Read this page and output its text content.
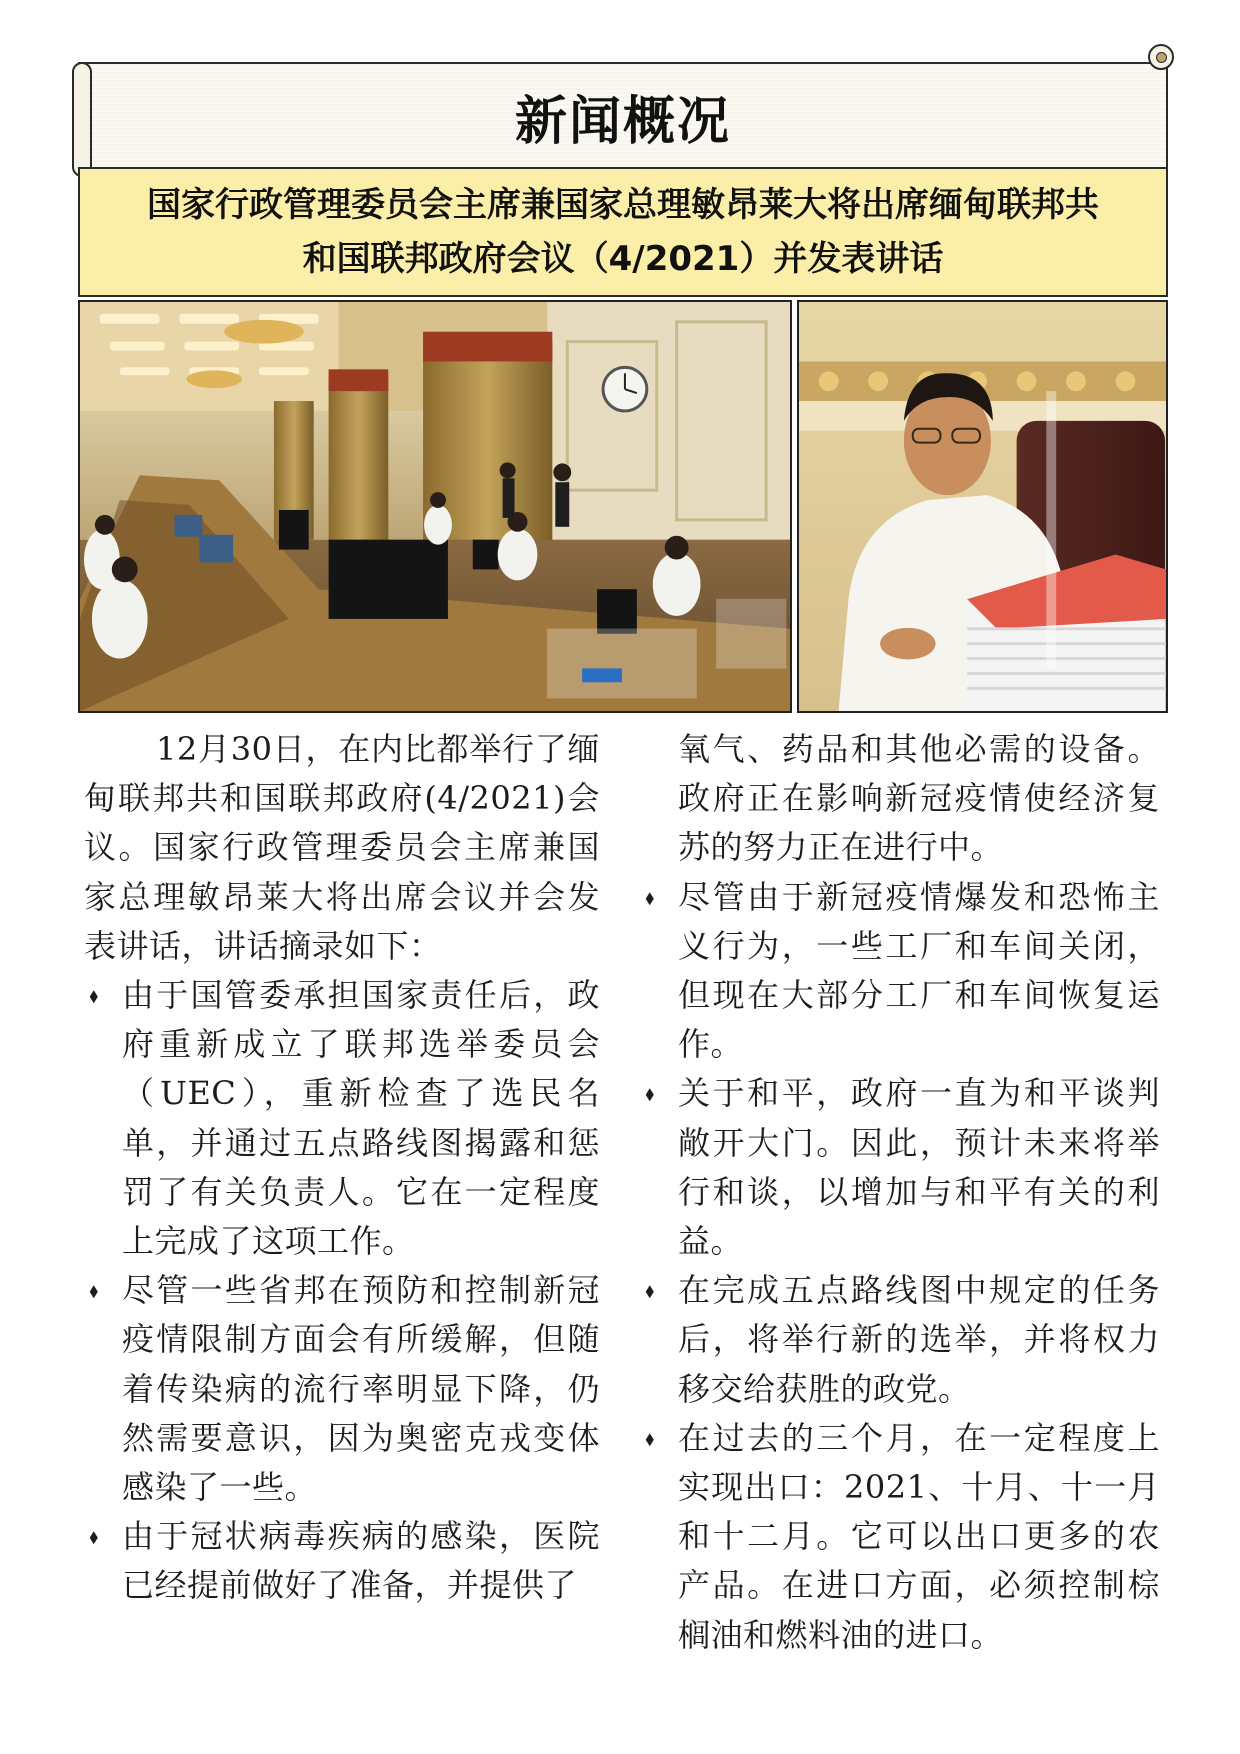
新闻概况
国家行政管理委员会主席兼国家总理敏昂莱大将出席缅甸联邦共
和国联邦政府会议（4/2021）并发表讲话

12月30日，在内比都举行了缅甸联邦共和国联邦政府(4/2021)会议。国家行政管理委员会主席兼国家总理敏昂莱大将出席会议并会发表讲话，讲话摘录如下：

⬧ 由于国管委承担国家责任后，政府重新成立了联邦选举委员会（UEC），重新检查了选民名单，并通过五点路线图揭露和惩罚了有关负责人。它在一定程度上完成了这项工作。
⬧ 尽管一些省邦在预防和控制新冠疫情限制方面会有所缓解，但随着传染病的流行率明显下降，仍然需要意识，因为奥密克戎变体感染了一些。
⬧ 由于冠状病毒疾病的感染，医院已经提前做好了准备，并提供了

氧气、药品和其他必需的设备。政府正在影响新冠疫情使经济复苏的努力正在进行中。

⬧ 尽管由于新冠疫情爆发和恐怖主义行为，一些工厂和车间关闭，但现在大部分工厂和车间恢复运作。
⬧ 关于和平，政府一直为和平谈判敞开大门。因此，预计未来将举行和谈，以增加与和平有关的利益。
⬧ 在完成五点路线图中规定的任务后，将举行新的选举，并将权力移交给获胜的政党。
⬧ 在过去的三个月，在一定程度上实现出口：2021、十月、十一月和十二月。它可以出口更多的农产品。在进口方面，必须控制棕榈油和燃料油的进口。
